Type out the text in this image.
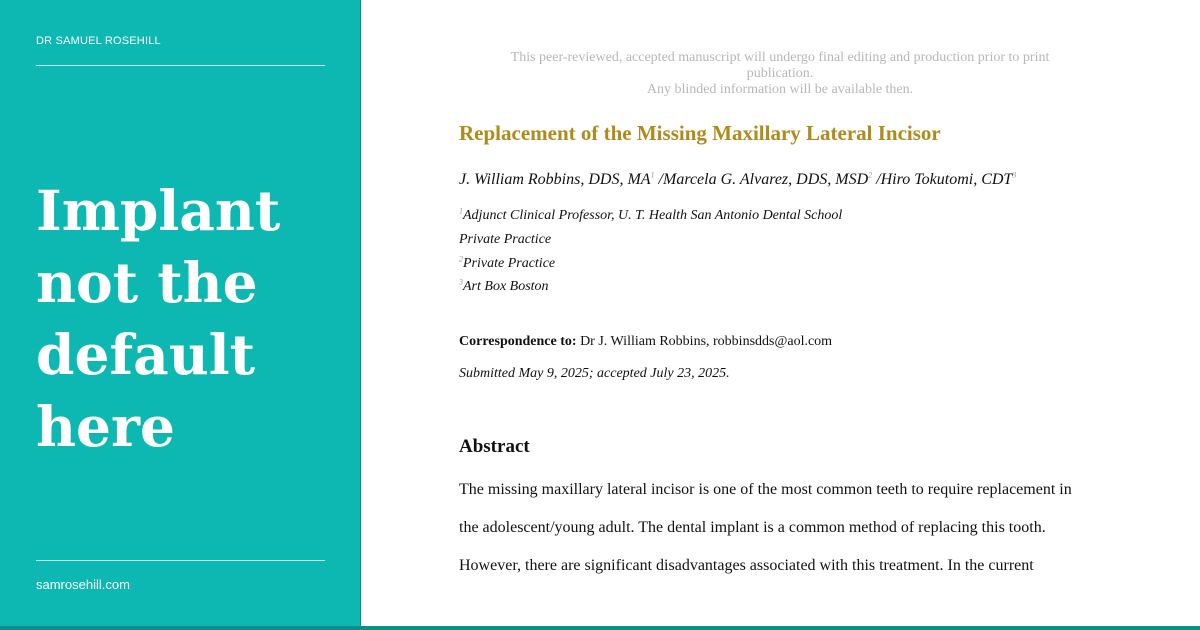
DR SAMUEL ROSEHILL
Implant
not the
default
here
samrosehill.com
This peer-reviewed, accepted manuscript will undergo final editing and production prior to print publication.
Any blinded information will be available then.
Replacement of the Missing Maxillary Lateral Incisor
J. William Robbins, DDS, $MA^1$ /Marcela G. Alvarez, DDS, MSD$^2$ /Hiro Tokutomi, CDT$^3$
$^1$Adjunct Clinical Professor, U. T. Health San Antonio Dental School
Private Practice
$^2$Private Practice
$^3$Art Box Boston
Correspondence to: Dr J. William Robbins, robbinsdds@aol.com
Submitted May 9, 2025; accepted July 23, 2025.
Abstract
The missing maxillary lateral incisor is one of the most common teeth to require replacement in
the adolescent/young adult. The dental implant is a common method of replacing this tooth.
However, there are significant disadvantages associated with this treatment. In the current
